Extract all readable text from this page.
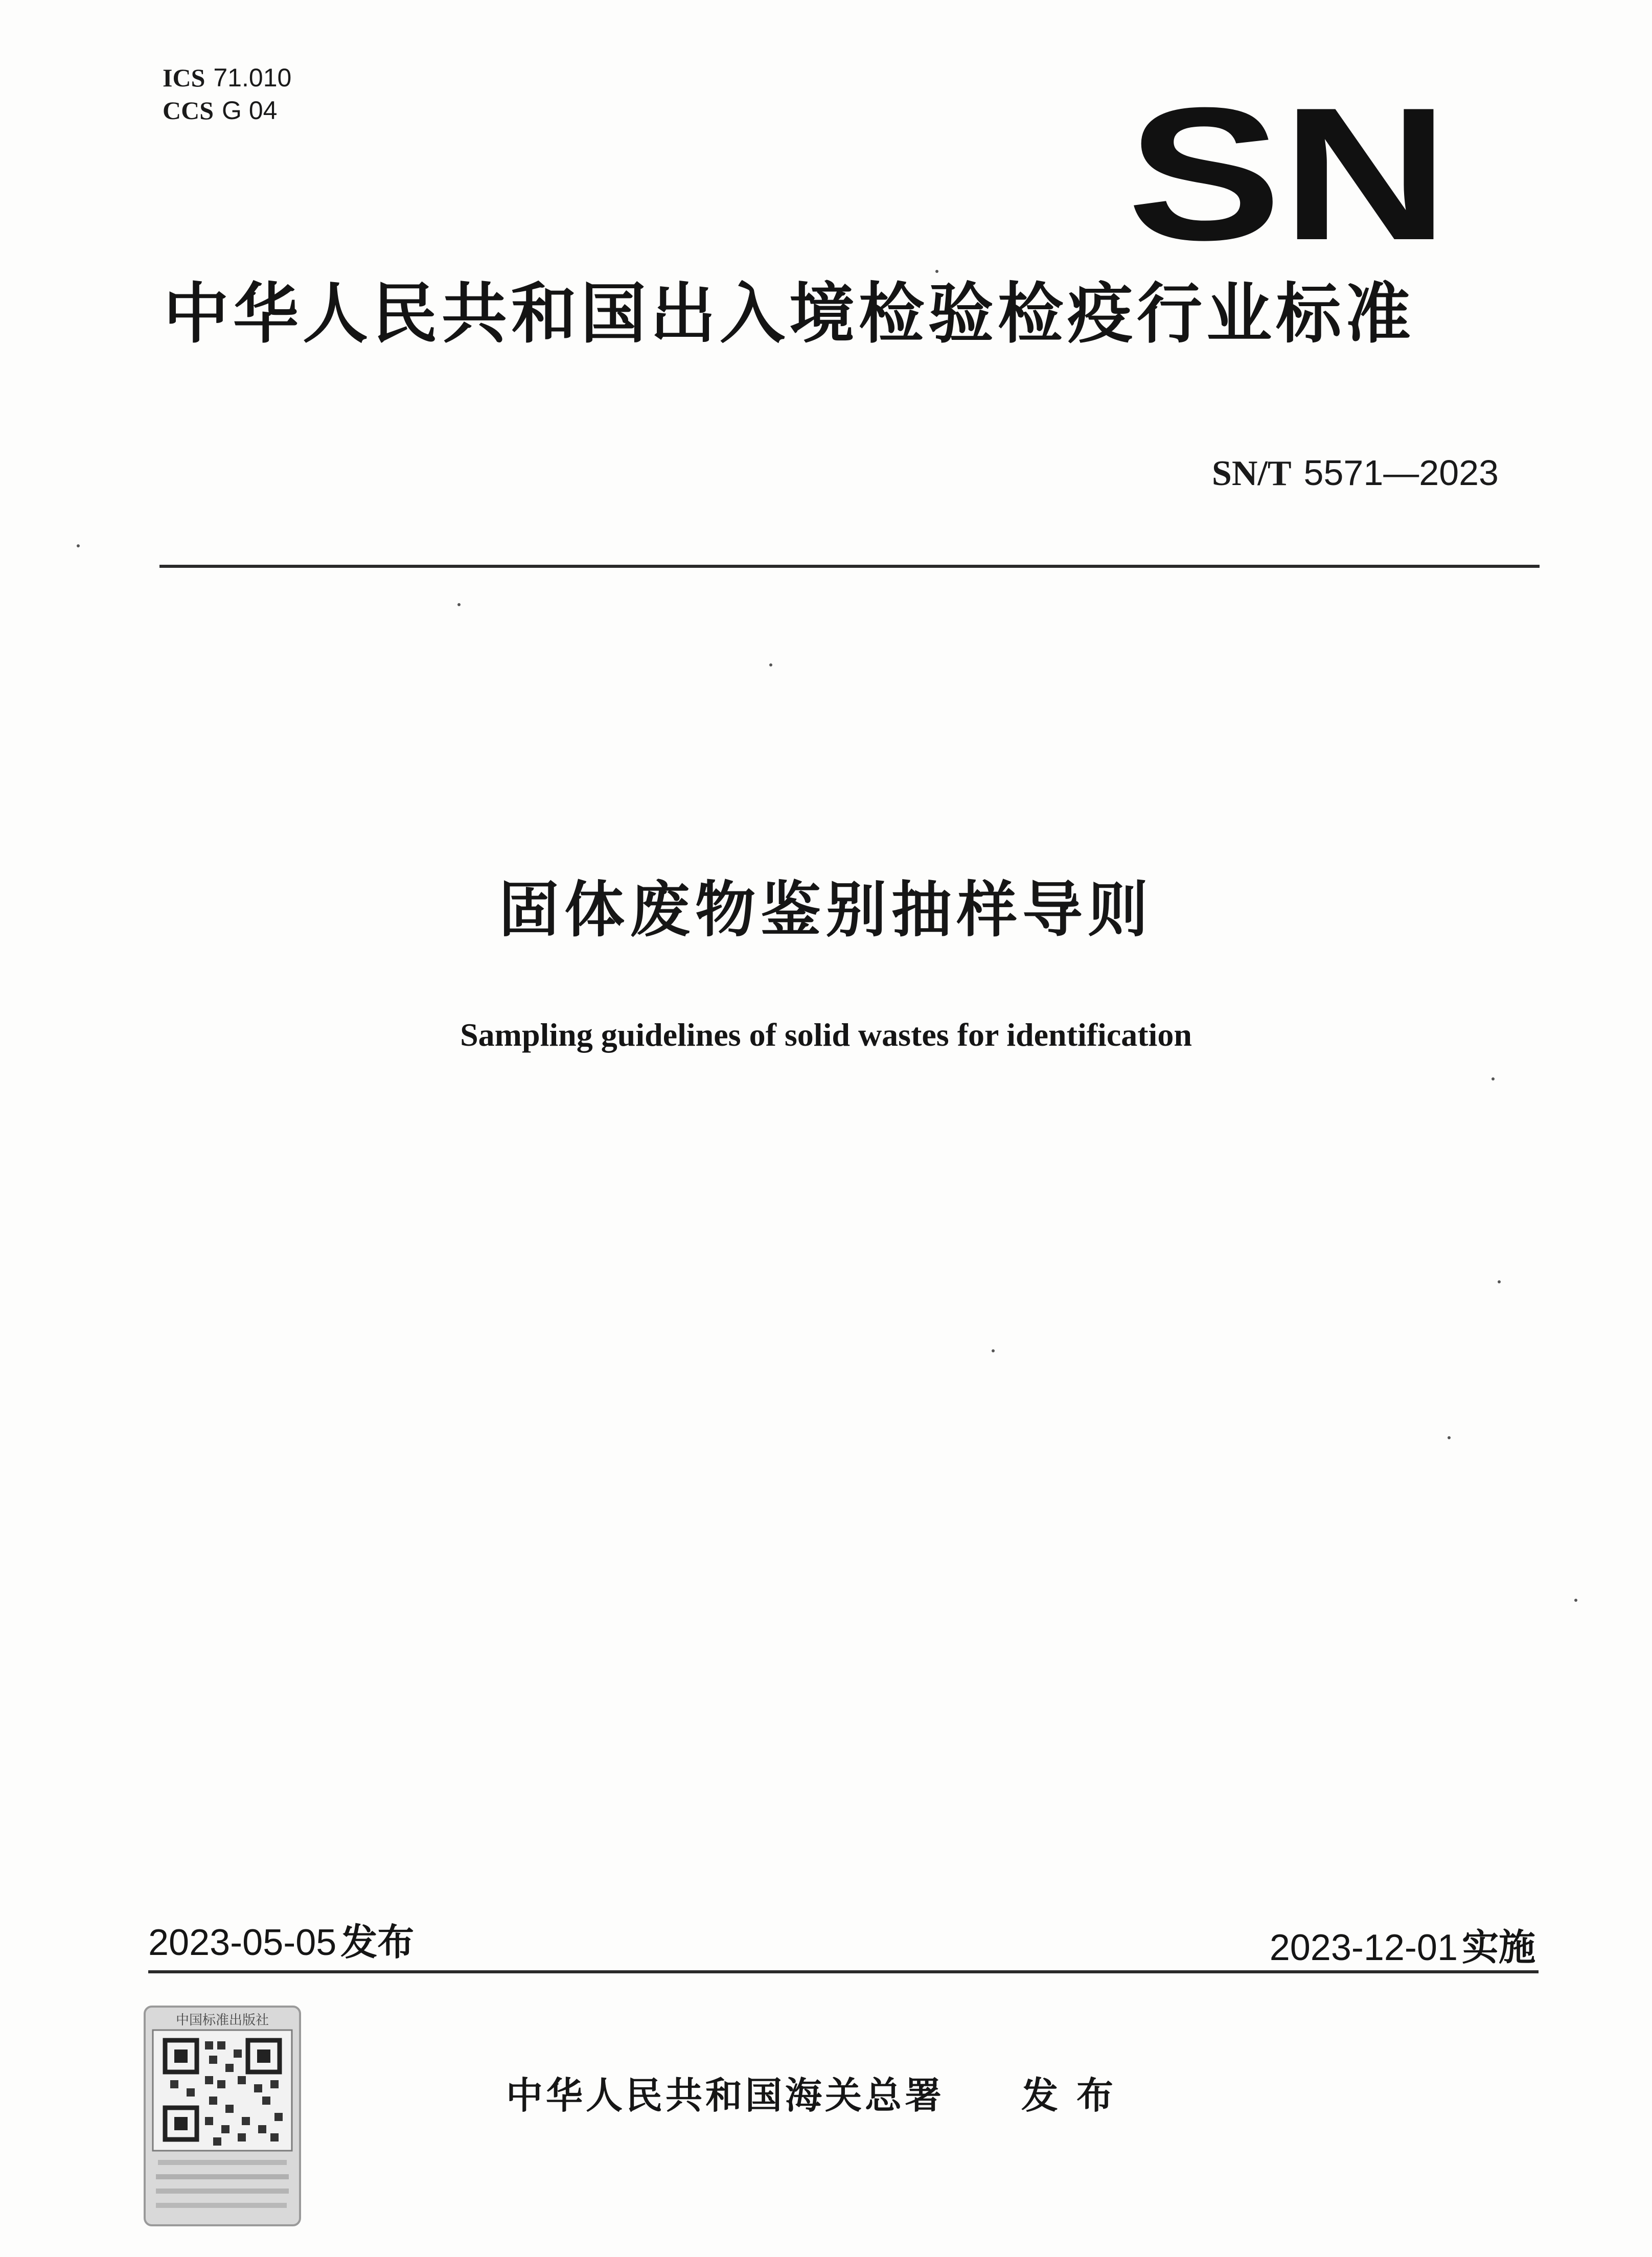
ICS 71.010
CCS G 04	SN
中华人民共和国出入境检验检疫行业标准
SN/T 5571—2023
固体废物鉴别抽样导则
Sampling guidelines of solid wastes for identification
2023-05-05 发布	2023-12-01 实施
中国标准出版社
中华人民共和国海关总署 发布
